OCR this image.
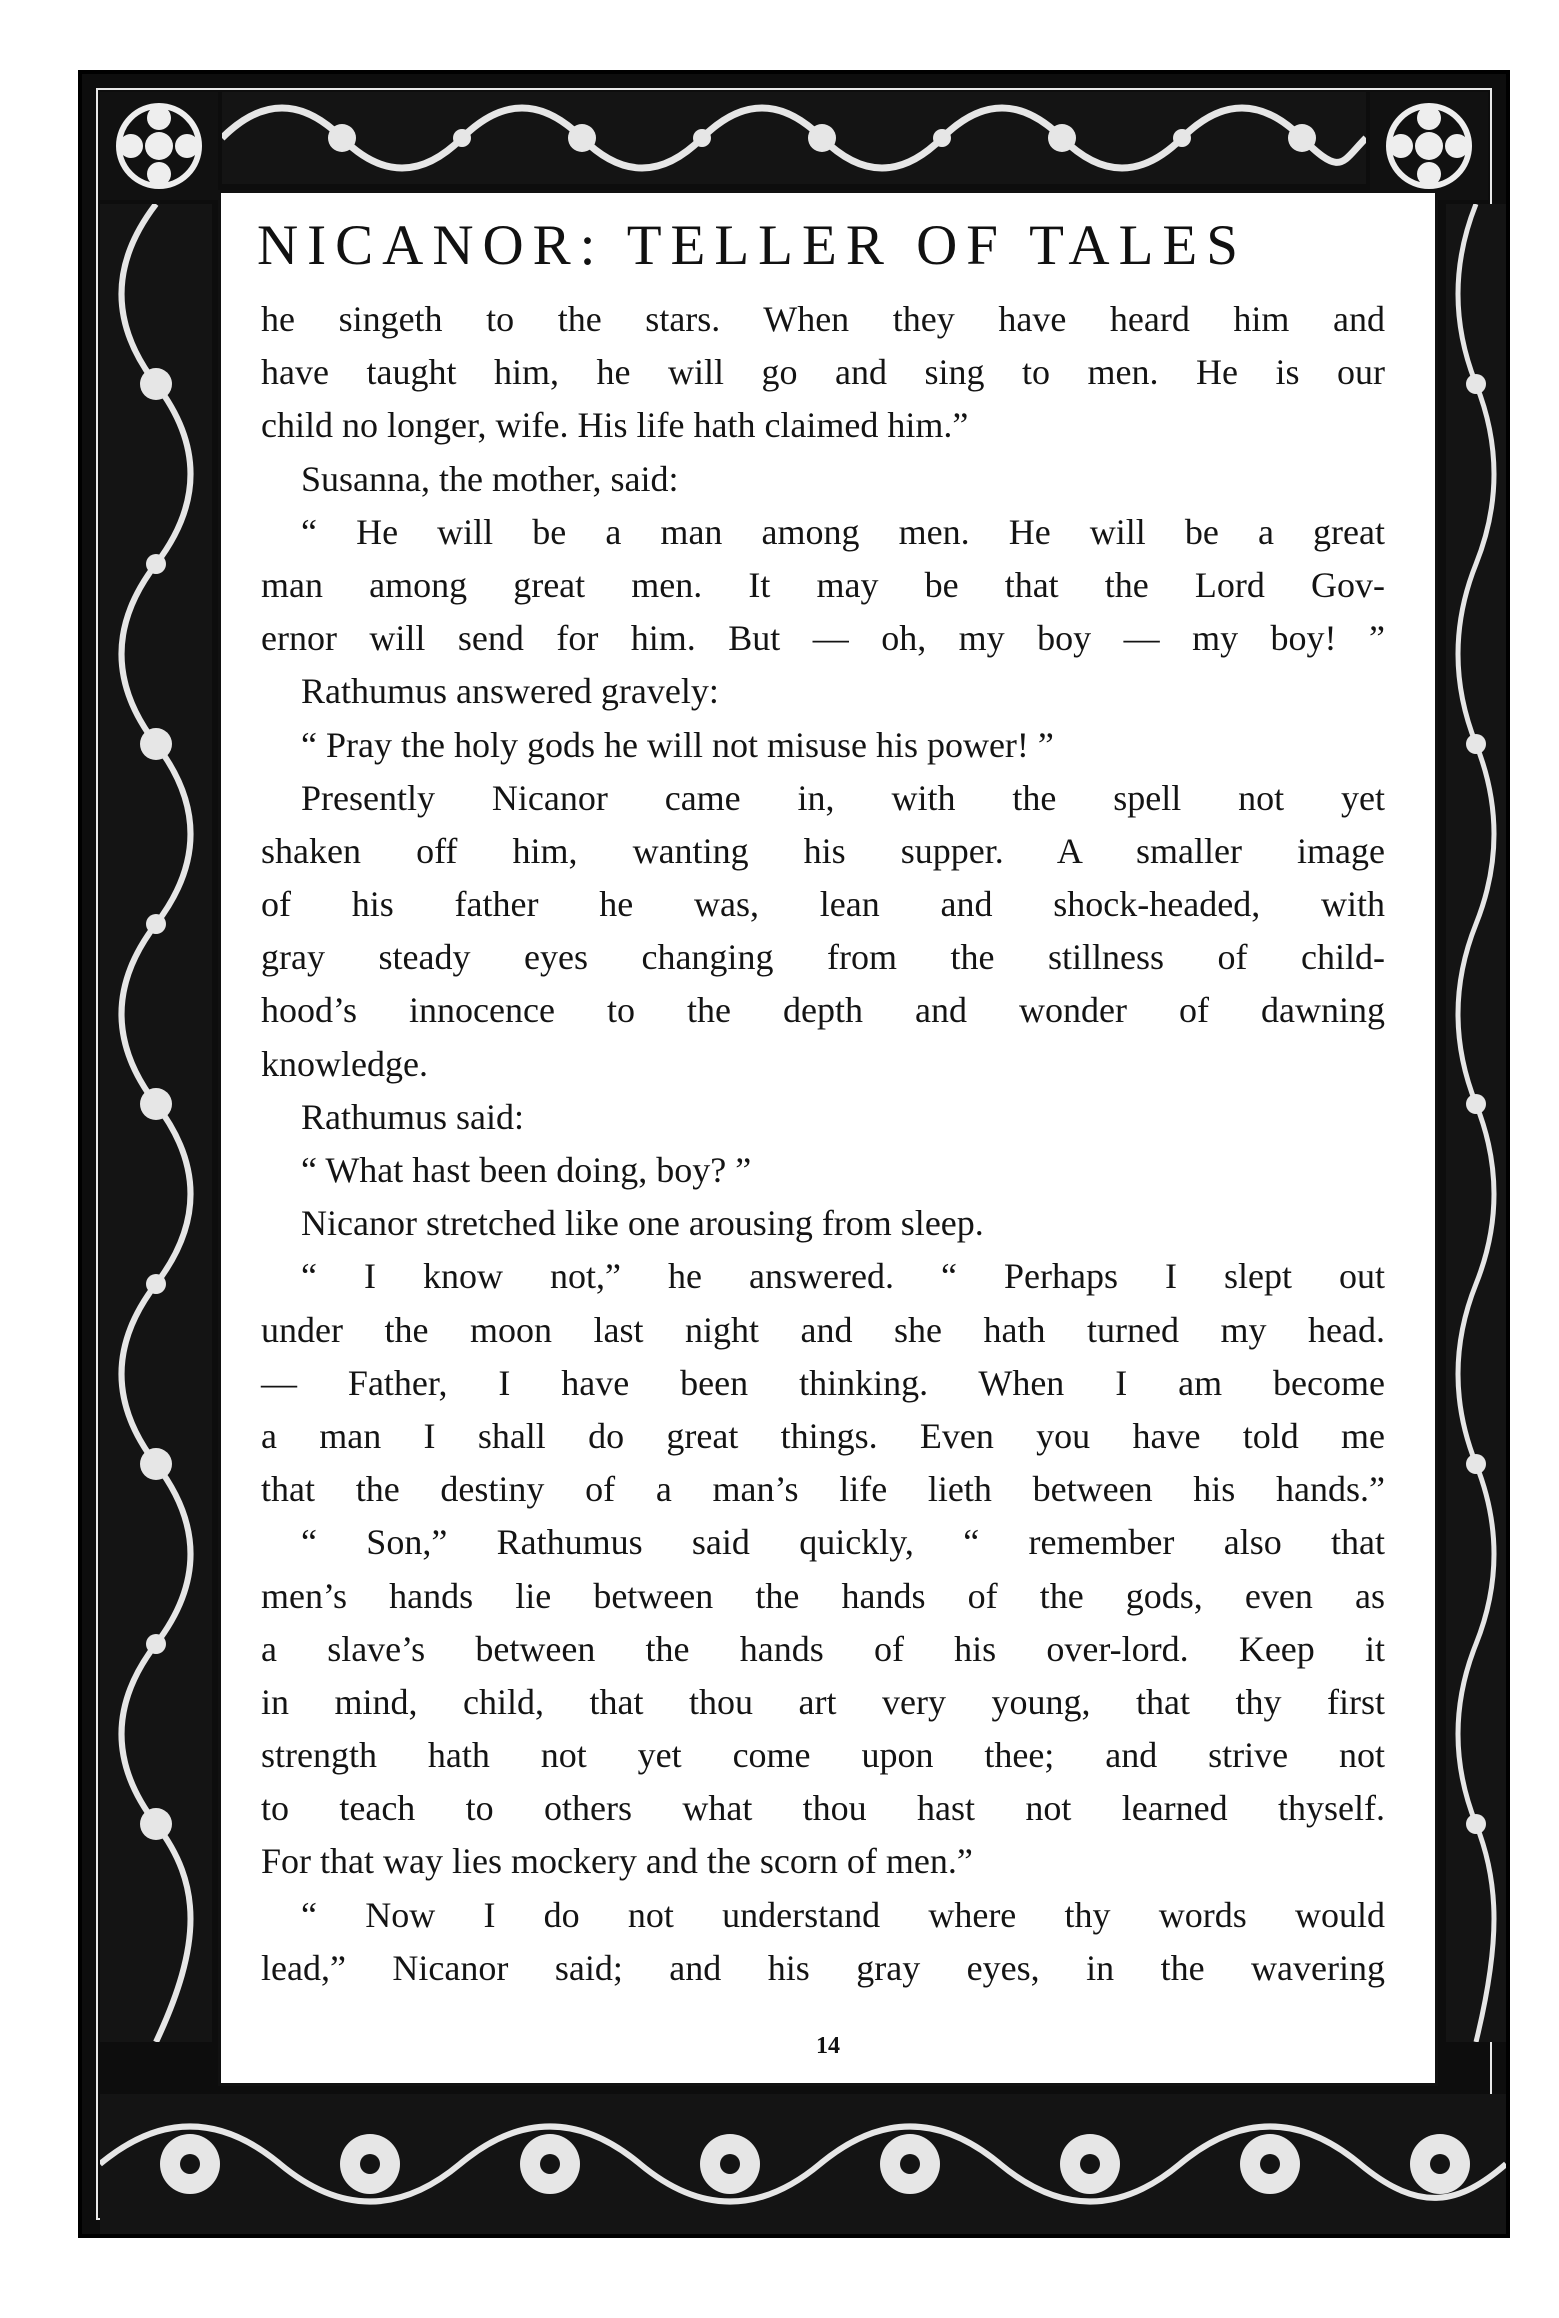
NICANOR: TELLER OF TALES
he singeth to the stars. When they have heard him and
have taught him, he will go and sing to men. He is our
child no longer, wife. His life hath claimed him.”
Susanna, the mother, said:
“ He will be a man among men. He will be a great
man among great men. It may be that the Lord Gov-
ernor will send for him. But — oh, my boy — my boy! ”
Rathumus answered gravely:
“ Pray the holy gods he will not misuse his power! ”
Presently Nicanor came in, with the spell not yet
shaken off him, wanting his supper. A smaller image
of his father he was, lean and shock-headed, with
gray steady eyes changing from the stillness of child-
hood’s innocence to the depth and wonder of dawning
knowledge.
Rathumus said:
“ What hast been doing, boy? ”
Nicanor stretched like one arousing from sleep.
“ I know not,” he answered. “ Perhaps I slept out
under the moon last night and she hath turned my head.
— Father, I have been thinking. When I am become
a man I shall do great things. Even you have told me
that the destiny of a man’s life lieth between his hands.”
“ Son,” Rathumus said quickly, “ remember also that
men’s hands lie between the hands of the gods, even as
a slave’s between the hands of his over-lord. Keep it
in mind, child, that thou art very young, that thy first
strength hath not yet come upon thee; and strive not
to teach to others what thou hast not learned thyself.
For that way lies mockery and the scorn of men.”
“ Now I do not understand where thy words would
lead,” Nicanor said; and his gray eyes, in the wavering
14
